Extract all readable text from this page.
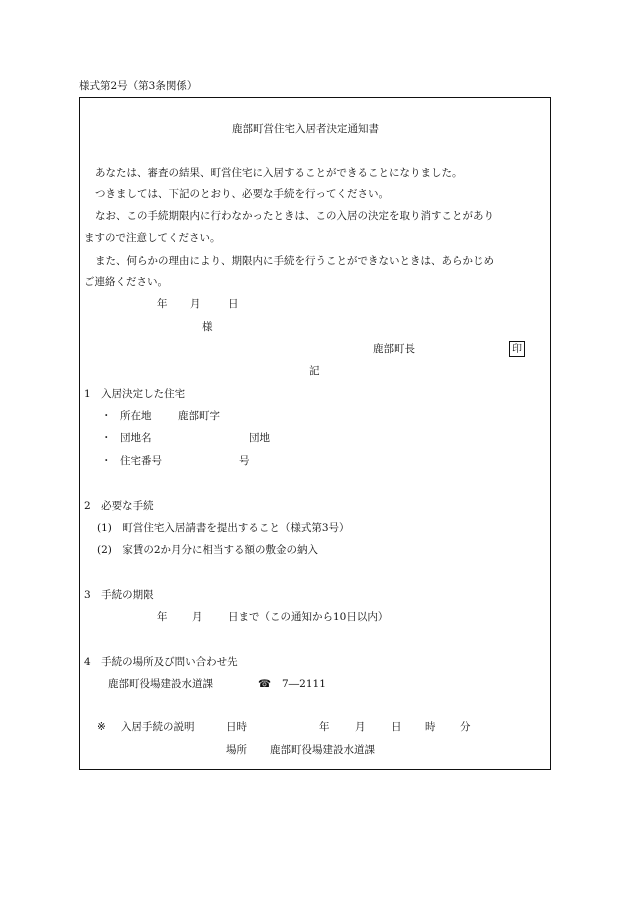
様式第2号（第3条関係）
鹿部町営住宅入居者決定通知書
あなたは、審査の結果、町営住宅に入居することができることになりました。
つきましては、下記のとおり、必要な手続を行ってください。
なお、この手続期限内に行わなかったときは、この入居の決定を取り消すことがあり
ますので注意してください。
また、何らかの理由により、期限内に手続を行うことができないときは、あらかじめ
ご連絡ください。
年 月	日
様
鹿部町長	印
記
1　入居決定した住宅
・ 所在地	鹿部町字
・ 団地名	団地
・ 住宅番号	号
2　必要な手続
(1)　町営住宅入居請書を提出すること（様式第3号）
(2)　家賃の2か月分に相当する額の敷金の納入
3　手続の期限
年 月 日まで（この通知から10日以内）
4　手続の場所及び問い合わせ先
鹿部町役場建設水道課	☎ 7―2111
※ 入居手続の説明	日時	年 月 日 時 分
場所 鹿部町役場建設水道課
